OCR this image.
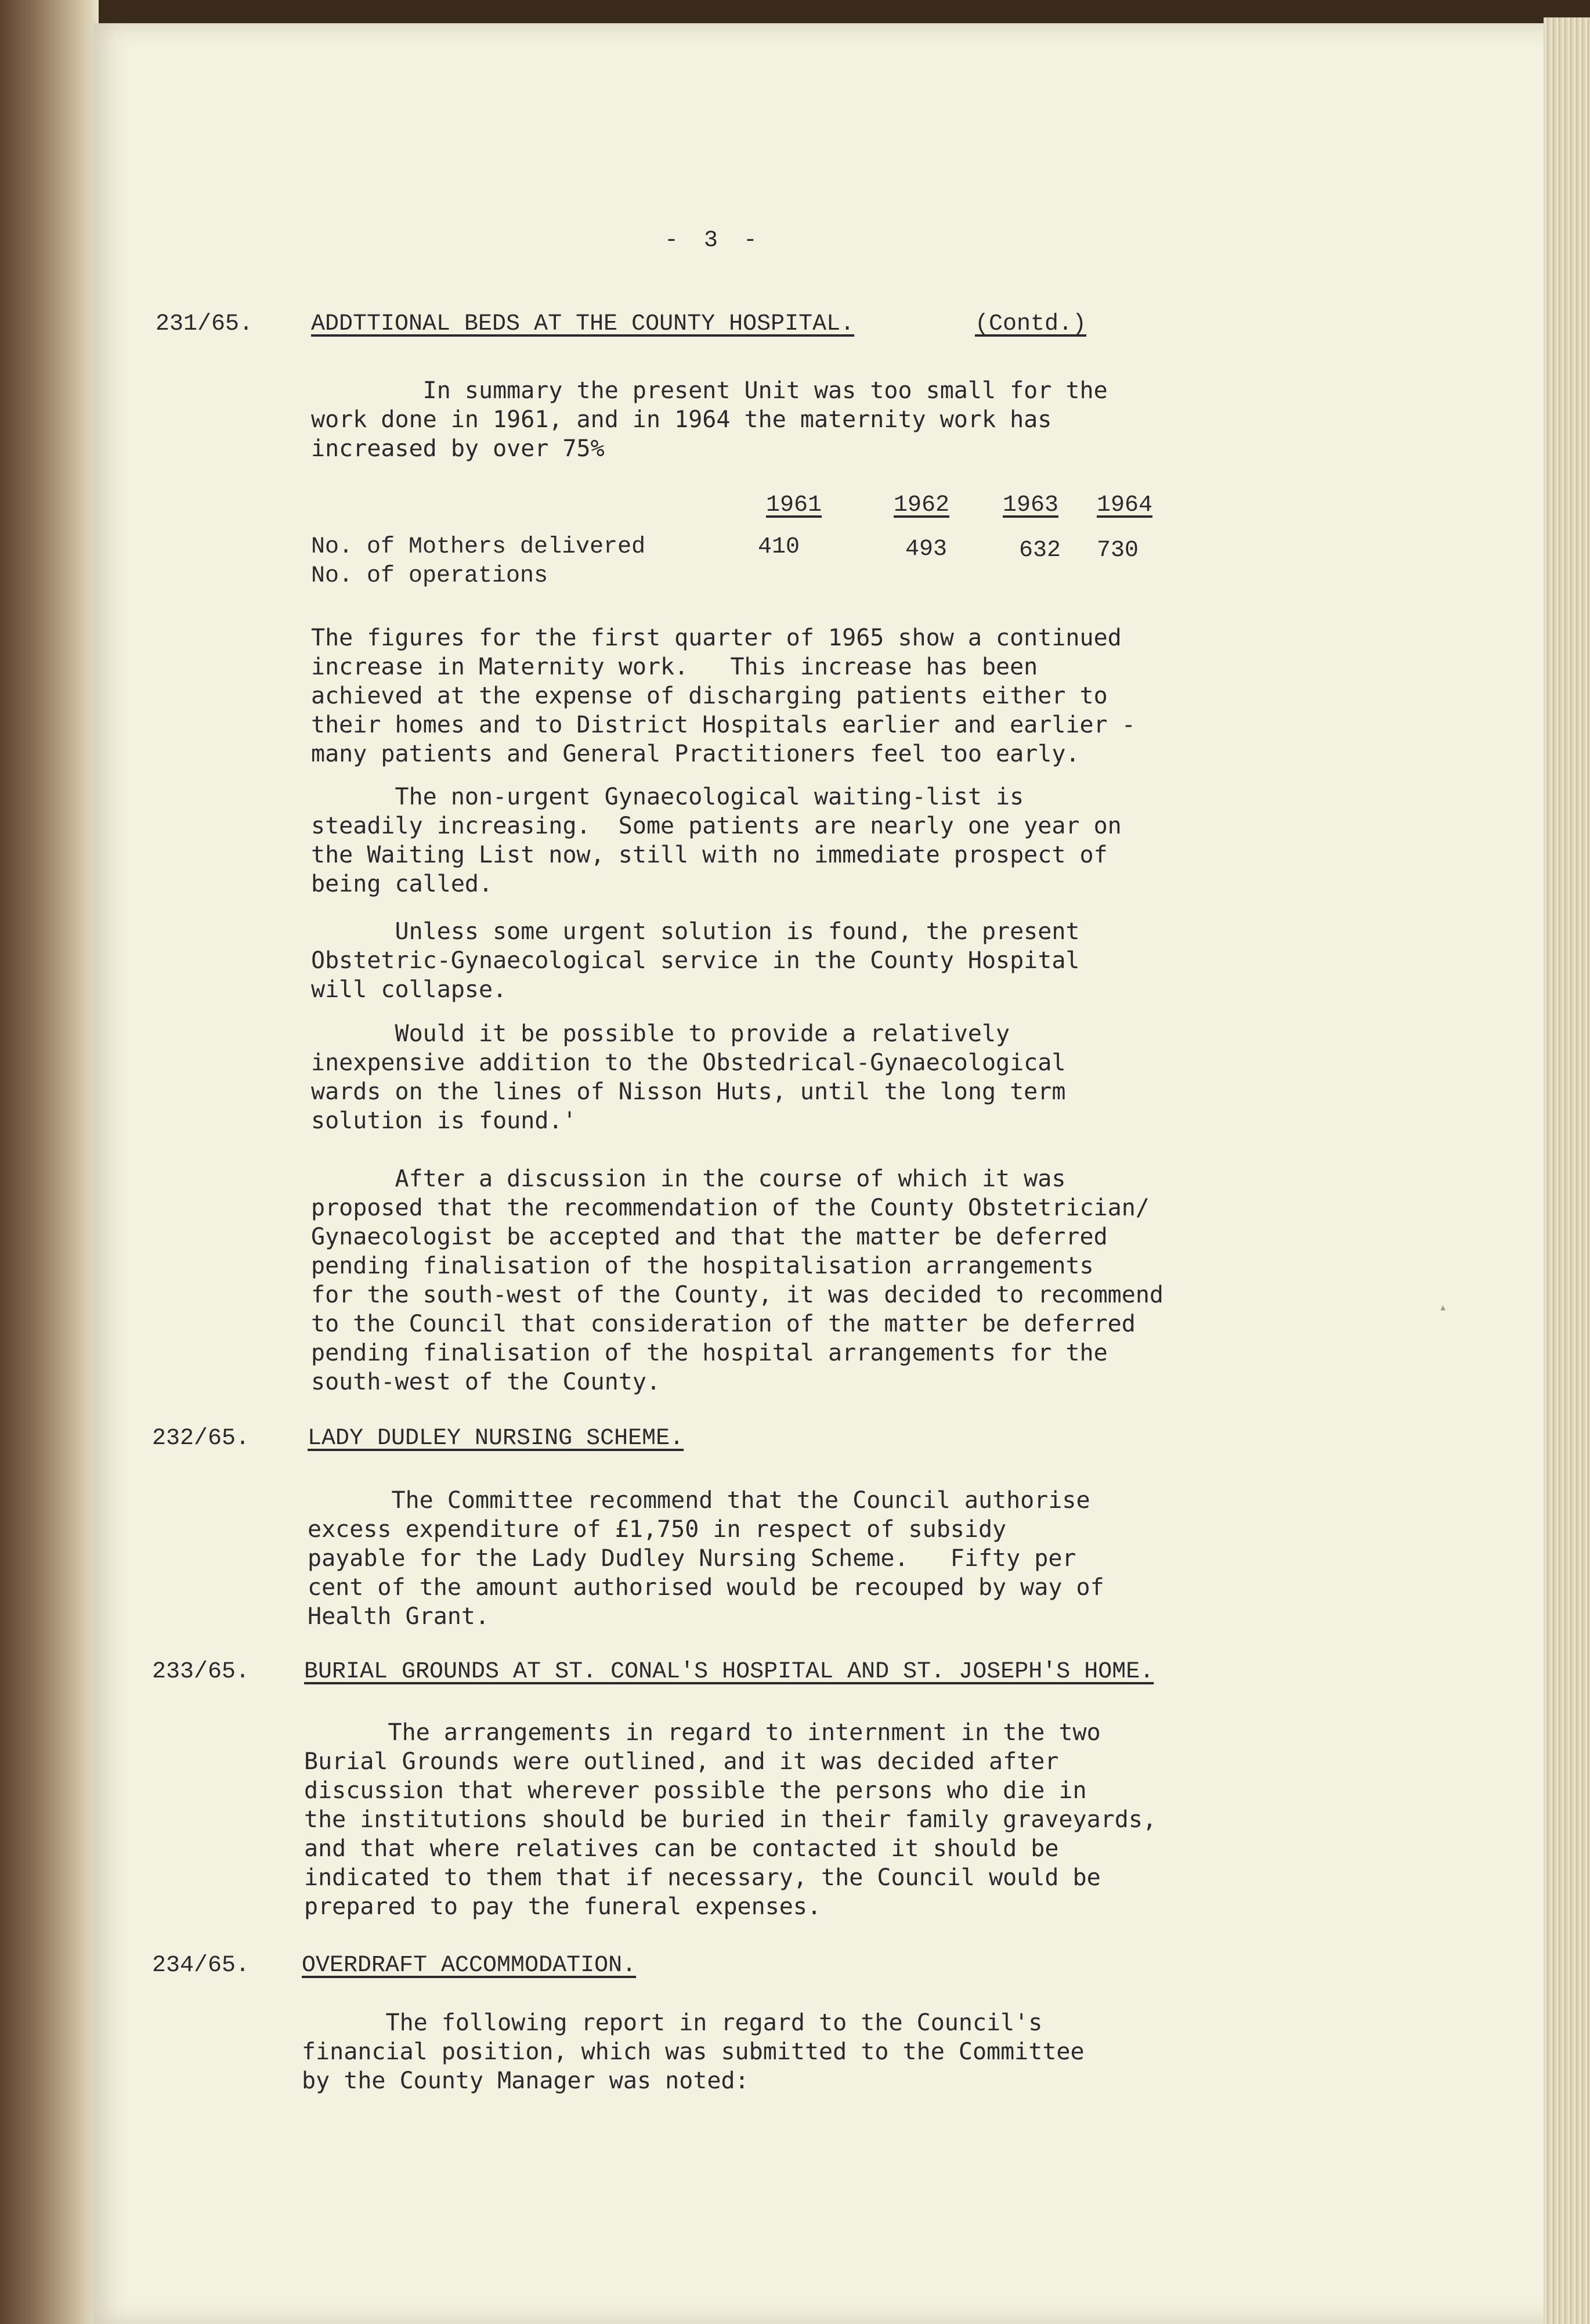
- 3 -
231/65. ADDTTIONAL BEDS AT THE COUNTY HOSPITAL.	(Contd.)
In summary the present Unit was too small for the
work done in 1961, and in 1964 the maternity work has
increased by over 75%
1961	1962 1963 1964
No. of Mothers delivered	410	493	632 730
No. of operations
The figures for the first quarter of 1965 show a continued
increase in Maternity work.   This increase has been
achieved at the expense of discharging patients either to
their homes and to District Hospitals earlier and earlier -
many patients and General Practitioners feel too early.
The non-urgent Gynaecological waiting-list is
steadily increasing.  Some patients are nearly one year on
the Waiting List now, still with no immediate prospect of
being called.
Unless some urgent solution is found, the present
Obstetric-Gynaecological service in the County Hospital
will collapse.
Would it be possible to provide a relatively
inexpensive addition to the Obstedrical-Gynaecological
wards on the lines of Nisson Huts, until the long term
solution is found.'
After a discussion in the course of which it was
proposed that the recommendation of the County Obstetrician/
Gynaecologist be accepted and that the matter be deferred
pending finalisation of the hospitalisation arrangements
for the south-west of the County, it was decided to recommend
to the Council that consideration of the matter be deferred
pending finalisation of the hospital arrangements for the
south-west of the County.
232/65. LADY DUDLEY NURSING SCHEME.
The Committee recommend that the Council authorise
excess expenditure of £1,750 in respect of subsidy
payable for the Lady Dudley Nursing Scheme.   Fifty per
cent of the amount authorised would be recouped by way of
Health Grant.
233/65. BURIAL GROUNDS AT ST. CONAL'S HOSPITAL AND ST. JOSEPH'S HOME.
The arrangements in regard to internment in the two
Burial Grounds were outlined, and it was decided after
discussion that wherever possible the persons who die in
the institutions should be buried in their family graveyards,
and that where relatives can be contacted it should be
indicated to them that if necessary, the Council would be
prepared to pay the funeral expenses.
234/65. OVERDRAFT ACCOMMODATION.
The following report in regard to the Council's
financial position, which was submitted to the Committee
by the County Manager was noted:
▴
